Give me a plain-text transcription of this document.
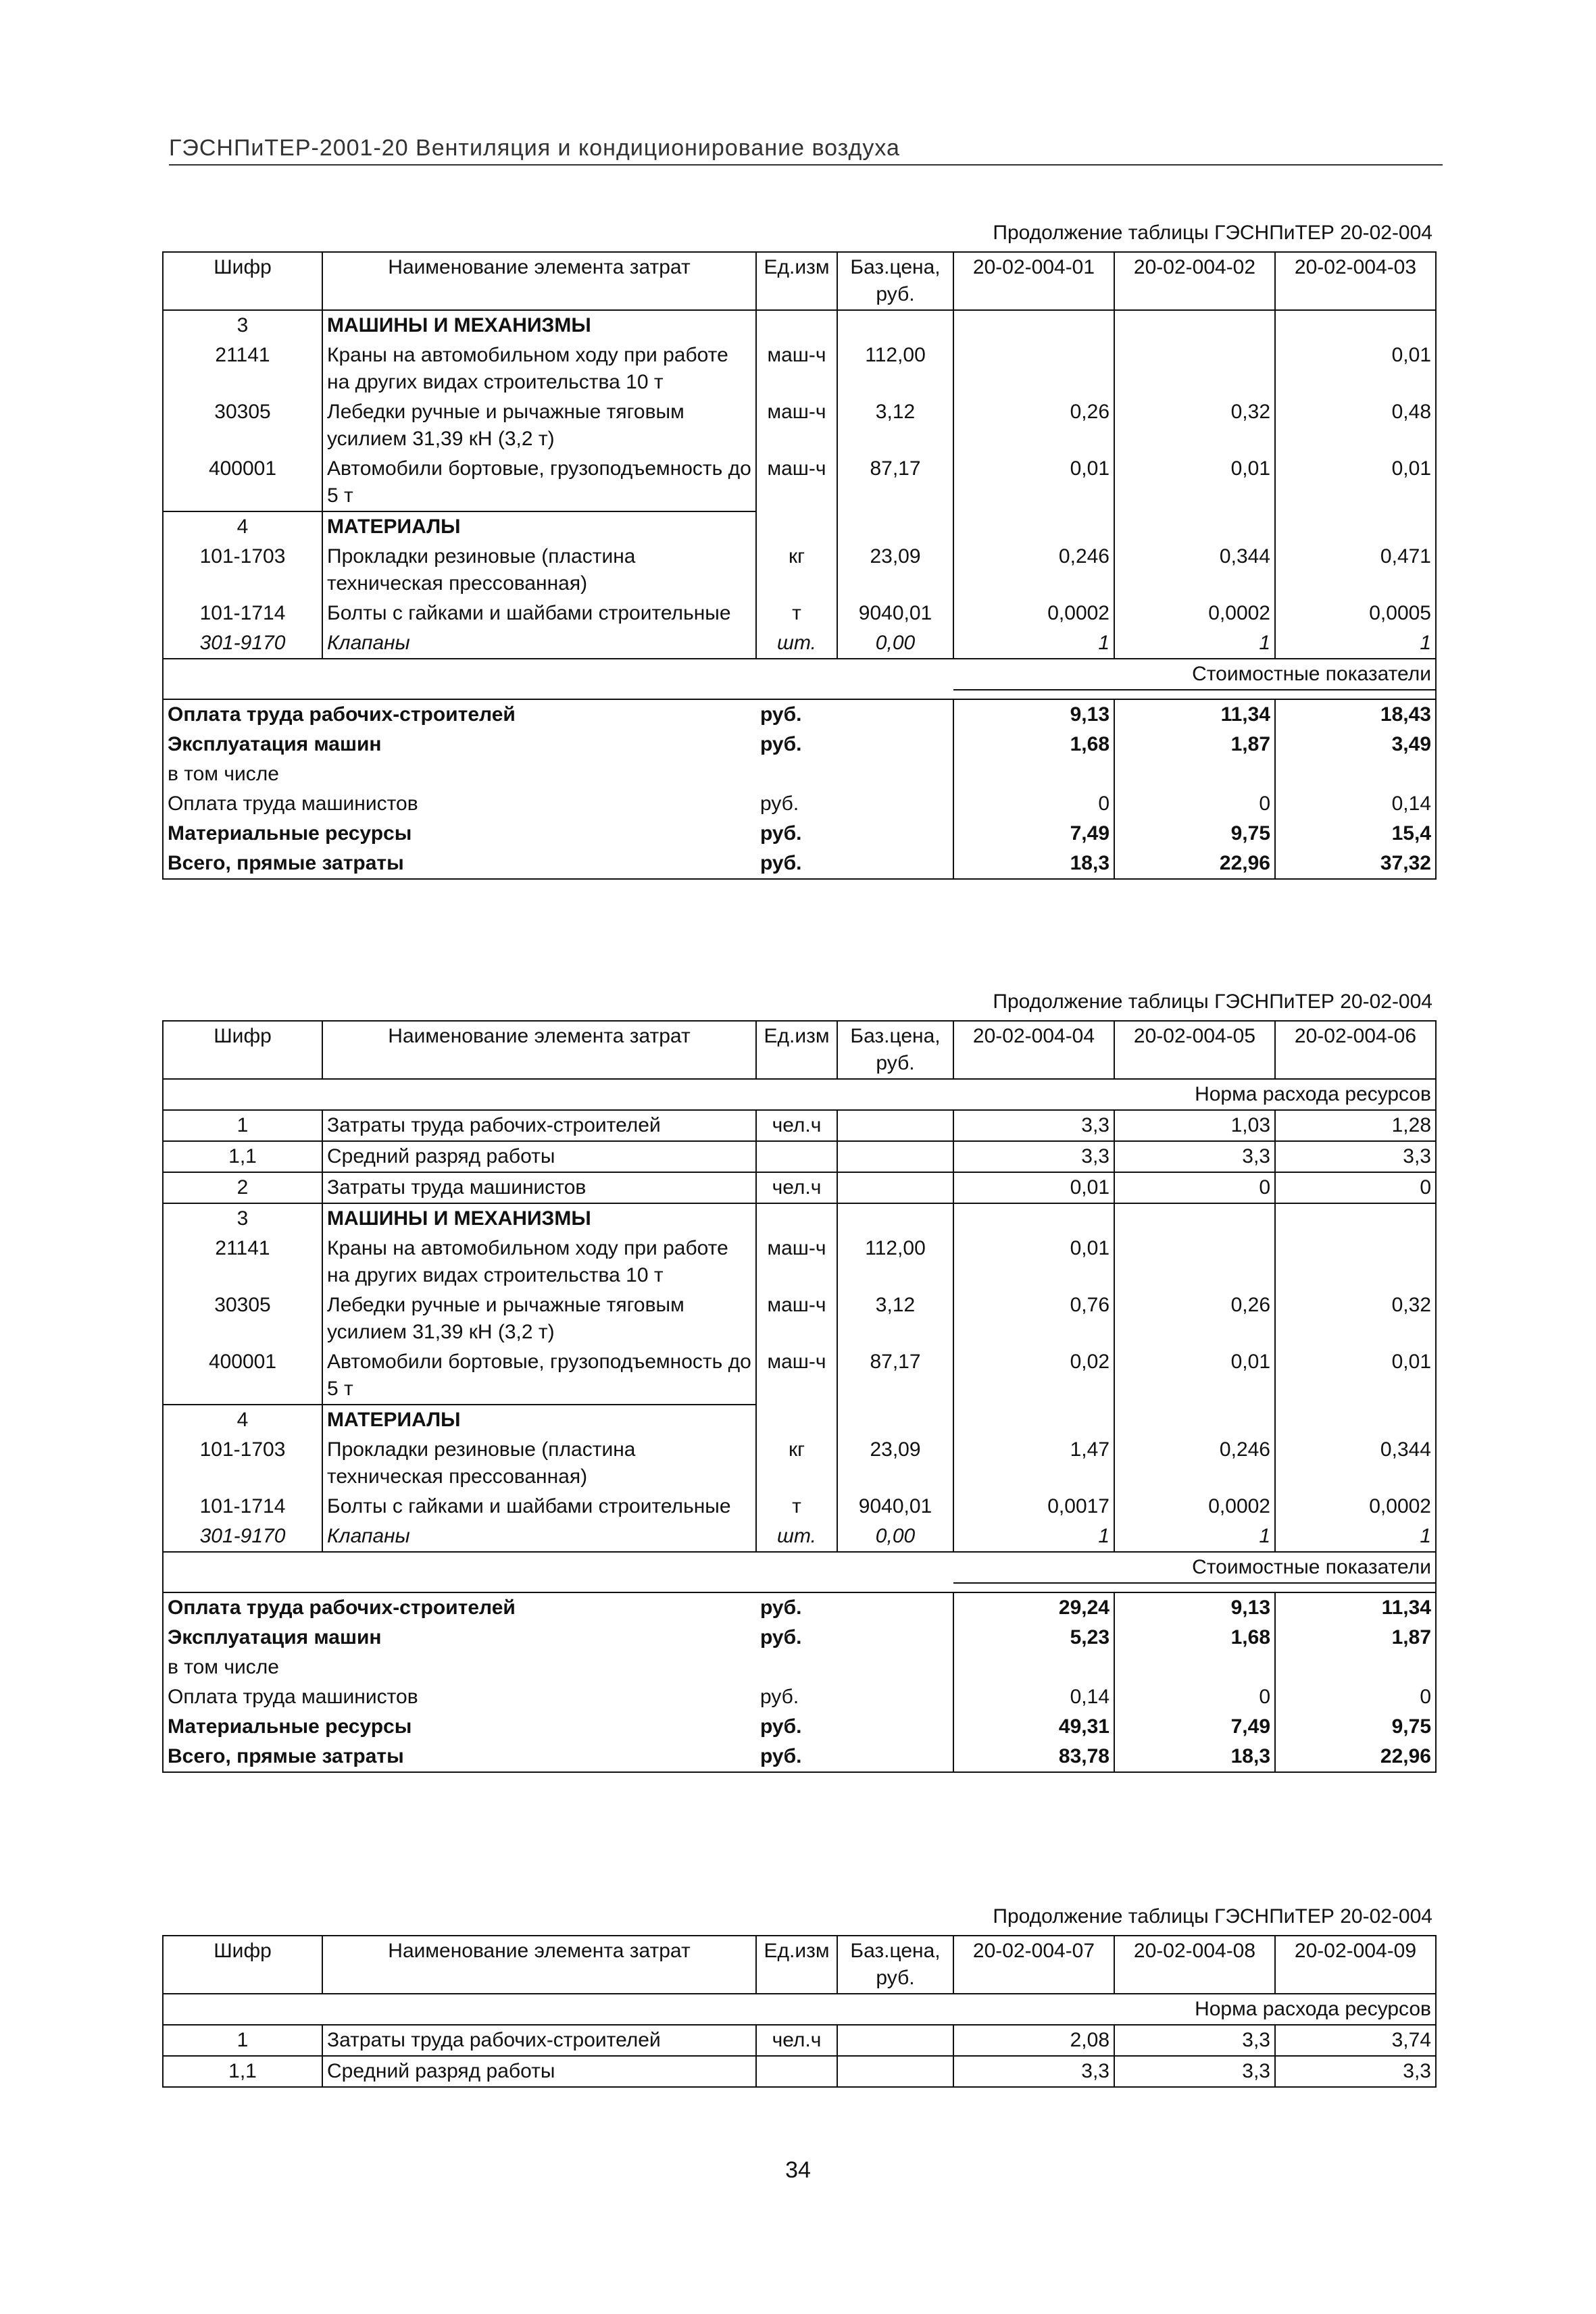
ГЭСНПиТЕР-2001-20 Вентиляция и кондиционирование воздуха
Продолжение таблицы ГЭСНПиТЕР 20-02-004
Шифр	Наименование элемента затрат	Ед.изм	Баз.цена, руб.	20-02-004-01	20-02-004-02	20-02-004-03
3	МАШИНЫ И МЕХАНИЗМЫ					
21141	Краны на автомобильном ходу при работе на других видах строительства 10 т	маш-ч	112,00			0,01
30305	Лебедки ручные и рычажные тяговым усилием 31,39 кН (3,2 т)	маш-ч	3,12	0,26	0,32	0,48
400001	Автомобили бортовые, грузоподъемность до 5 т	маш-ч	87,17	0,01	0,01	0,01
4	МАТЕРИАЛЫ					
101-1703	Прокладки резиновые (пластина техническая прессованная)	кг	23,09	0,246	0,344	0,471
101-1714	Болты с гайками и шайбами строительные	т	9040,01	0,0002	0,0002	0,0005
301-9170	Клапаны	шт.	0,00	1	1	1
				Стоимостные показатели		

Оплата труда рабочих-строителей		руб.		9,13	11,34	18,43
Эксплуатация машин		руб.		1,68	1,87	3,49
в том числе						
Оплата труда машинистов		руб.		0	0	0,14
Материальные ресурсы		руб.		7,49	9,75	15,4
Всего, прямые затраты		руб.		18,3	22,96	37,32
Продолжение таблицы ГЭСНПиТЕР 20-02-004
Шифр	Наименование элемента затрат	Ед.изм	Баз.цена, руб.	20-02-004-04	20-02-004-05	20-02-004-06
Норма расхода ресурсов						
1	Затраты труда рабочих-строителей	чел.ч		3,3	1,03	1,28
1,1	Средний разряд работы			3,3	3,3	3,3
2	Затраты труда машинистов	чел.ч		0,01	0	0
3	МАШИНЫ И МЕХАНИЗМЫ					
21141	Краны на автомобильном ходу при работе на других видах строительства 10 т	маш-ч	112,00	0,01		
30305	Лебедки ручные и рычажные тяговым усилием 31,39 кН (3,2 т)	маш-ч	3,12	0,76	0,26	0,32
400001	Автомобили бортовые, грузоподъемность до 5 т	маш-ч	87,17	0,02	0,01	0,01
4	МАТЕРИАЛЫ					
101-1703	Прокладки резиновые (пластина техническая прессованная)	кг	23,09	1,47	0,246	0,344
101-1714	Болты с гайками и шайбами строительные	т	9040,01	0,0017	0,0002	0,0002
301-9170	Клапаны	шт.	0,00	1	1	1
				Стоимостные показатели		

Оплата труда рабочих-строителей		руб.		29,24	9,13	11,34
Эксплуатация машин		руб.		5,23	1,68	1,87
в том числе						
Оплата труда машинистов		руб.		0,14	0	0
Материальные ресурсы		руб.		49,31	7,49	9,75
Всего, прямые затраты		руб.		83,78	18,3	22,96
Продолжение таблицы ГЭСНПиТЕР 20-02-004
Шифр	Наименование элемента затрат	Ед.изм	Баз.цена, руб.	20-02-004-07	20-02-004-08	20-02-004-09
Норма расхода ресурсов						
1	Затраты труда рабочих-строителей	чел.ч		2,08	3,3	3,74
1,1	Средний разряд работы			3,3	3,3	3,3
34
